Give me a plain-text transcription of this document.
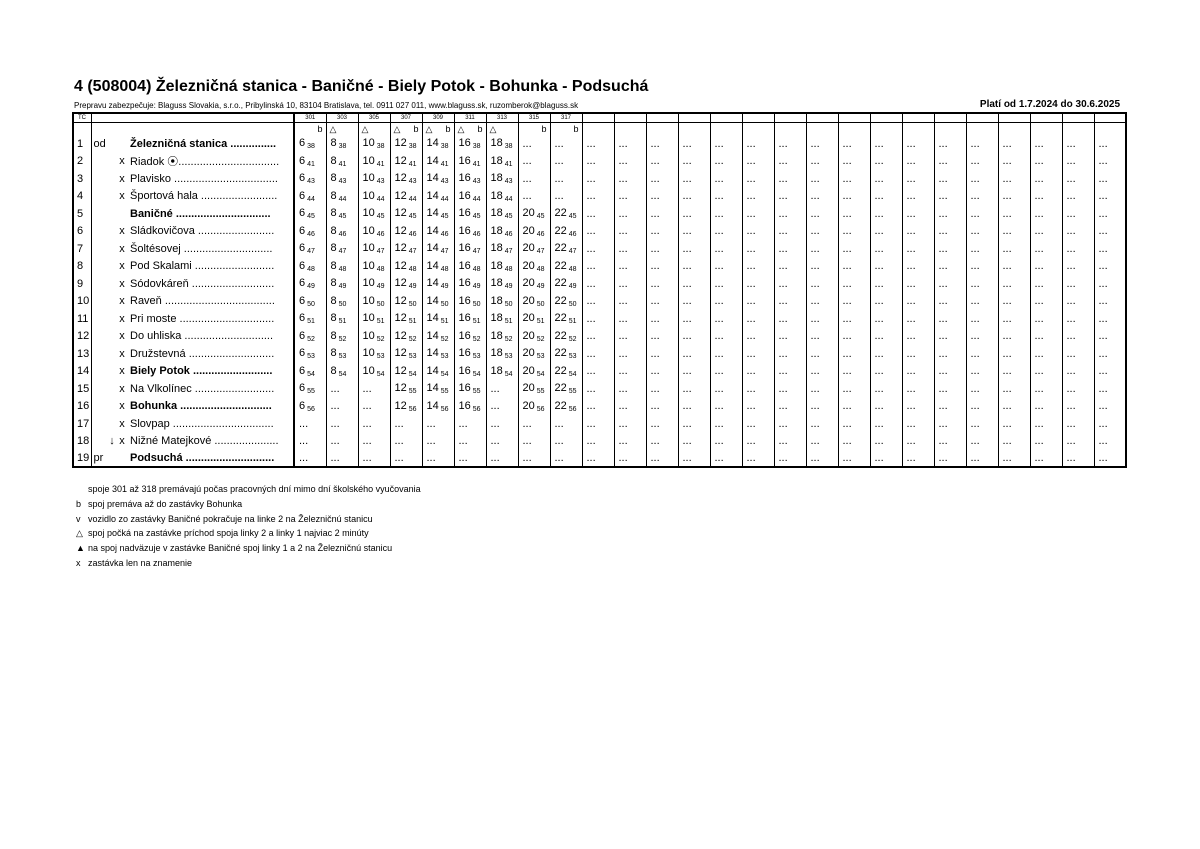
4 (508004) Železničná stanica - Baničné - Biely Potok - Bohunka - Podsuchá
Prepravu zabezpečuje: Blaguss Slovakia, s.r.o., Pribylinská 10, 83104 Bratislava, tel. 0911 027 011, www.blaguss.sk, ruzomberok@blaguss.sk	Platí od 1.7.2024 do 30.6.2025
TČ					301	303	305	307	309	311	313	315	317																	

					b	△	△	△ b	△ b	△ b	△	b	b																	

1	od			Železničná stanica ...............	6 $_{38}$	8 $_{38}$	10 $_{38}$	12 $_{38}$	14 $_{38}$	16 $_{38}$	18 $_{38}$	...	...	...	...	...	...	...	...	...	...	...	...	...	...	...	...	...	...	...
2			x	Riadok ⦿.................................	6 $_{41}$	8 $_{41}$	10 $_{41}$	12 $_{41}$	14 $_{41}$	16 $_{41}$	18 $_{41}$	...	...	...	...	...	...	...	...	...	...	...	...	...	...	...	...	...	...	...
3			x	Plavisko ..................................	6 $_{43}$	8 $_{43}$	10 $_{43}$	12 $_{43}$	14 $_{43}$	16 $_{43}$	18 $_{43}$	...	...	...	...	...	...	...	...	...	...	...	...	...	...	...	...	...	...	...
4			x	Športová hala .........................	6 $_{44}$	8 $_{44}$	10 $_{44}$	12 $_{44}$	14 $_{44}$	16 $_{44}$	18 $_{44}$	...	...	...	...	...	...	...	...	...	...	...	...	...	...	...	...	...	...	...
5				Baničné ...............................	6 $_{45}$	8 $_{45}$	10 $_{45}$	12 $_{45}$	14 $_{45}$	16 $_{45}$	18 $_{45}$	20 $_{45}$	22 $_{45}$	...	...	...	...	...	...	...	...	...	...	...	...	...	...	...	...	...
6			x	Sládkovičova .........................	6 $_{46}$	8 $_{46}$	10 $_{46}$	12 $_{46}$	14 $_{46}$	16 $_{46}$	18 $_{46}$	20 $_{46}$	22 $_{46}$	...	...	...	...	...	...	...	...	...	...	...	...	...	...	...	...	...
7			x	Šoltésovej .............................	6 $_{47}$	8 $_{47}$	10 $_{47}$	12 $_{47}$	14 $_{47}$	16 $_{47}$	18 $_{47}$	20 $_{47}$	22 $_{47}$	...	...	...	...	...	...	...	...	...	...	...	...	...	...	...	...	...
8			x	Pod Skalami ..........................	6 $_{48}$	8 $_{48}$	10 $_{48}$	12 $_{48}$	14 $_{48}$	16 $_{48}$	18 $_{48}$	20 $_{48}$	22 $_{48}$	...	...	...	...	...	...	...	...	...	...	...	...	...	...	...	...	...
9			x	Sódovkáreň ...........................	6 $_{49}$	8 $_{49}$	10 $_{49}$	12 $_{49}$	14 $_{49}$	16 $_{49}$	18 $_{49}$	20 $_{49}$	22 $_{49}$	...	...	...	...	...	...	...	...	...	...	...	...	...	...	...	...	...
10			x	Raveň ....................................	6 $_{50}$	8 $_{50}$	10 $_{50}$	12 $_{50}$	14 $_{50}$	16 $_{50}$	18 $_{50}$	20 $_{50}$	22 $_{50}$	...	...	...	...	...	...	...	...	...	...	...	...	...	...	...	...	...
11			x	Pri moste ...............................	6 $_{51}$	8 $_{51}$	10 $_{51}$	12 $_{51}$	14 $_{51}$	16 $_{51}$	18 $_{51}$	20 $_{51}$	22 $_{51}$	...	...	...	...	...	...	...	...	...	...	...	...	...	...	...	...	...
12			x	Do uhliska .............................	6 $_{52}$	8 $_{52}$	10 $_{52}$	12 $_{52}$	14 $_{52}$	16 $_{52}$	18 $_{52}$	20 $_{52}$	22 $_{52}$	...	...	...	...	...	...	...	...	...	...	...	...	...	...	...	...	...
13			x	Družstevná ............................	6 $_{53}$	8 $_{53}$	10 $_{53}$	12 $_{53}$	14 $_{53}$	16 $_{53}$	18 $_{53}$	20 $_{53}$	22 $_{53}$	...	...	...	...	...	...	...	...	...	...	...	...	...	...	...	...	...
14			x	Biely Potok ..........................	6 $_{54}$	8 $_{54}$	10 $_{54}$	12 $_{54}$	14 $_{54}$	16 $_{54}$	18 $_{54}$	20 $_{54}$	22 $_{54}$	...	...	...	...	...	...	...	...	...	...	...	...	...	...	...	...	...
15			x	Na Vlkolínec ..........................	6 $_{55}$	...	...	12 $_{55}$	14 $_{55}$	16 $_{55}$	...	20 $_{55}$	22 $_{55}$	...	...	...	...	...	...	...	...	...	...	...	...	...	...	...	...	...
16			x	Bohunka ..............................	6 $_{56}$	...	...	12 $_{56}$	14 $_{56}$	16 $_{56}$	...	20 $_{56}$	22 $_{56}$	...	...	...	...	...	...	...	...	...	...	...	...	...	...	...	...	...
17			x	Slovpap .................................	...	...	...	...	...	...	...	...	...	...	...	...	...	...	...	...	...	...	...	...	...	...	...	...	...	...
18		↓	x	Nižné Matejkové .....................	...	...	...	...	...	...	...	...	...	...	...	...	...	...	...	...	...	...	...	...	...	...	...	...	...	...
19	pr			Podsuchá .............................	...	...	...	...	...	...	...	...	...	...	...	...	...	...	...	...	...	...	...	...	...	...	...	...	...	...
spoje 301 až 318 premávajú počas pracovných dní mimo dní školského vyučovania
b spoj premáva až do zastávky Bohunka
v vozidlo zo zastávky Baničné pokračuje na linke 2 na Železničnú stanicu
△ spoj počká na zastávke príchod spoja linky 2 a linky 1 najviac 2 minúty
▲ na spoj nadväzuje v zastávke Baničné spoj linky 1 a 2 na Železničnú stanicu
x zastávka len na znamenie
